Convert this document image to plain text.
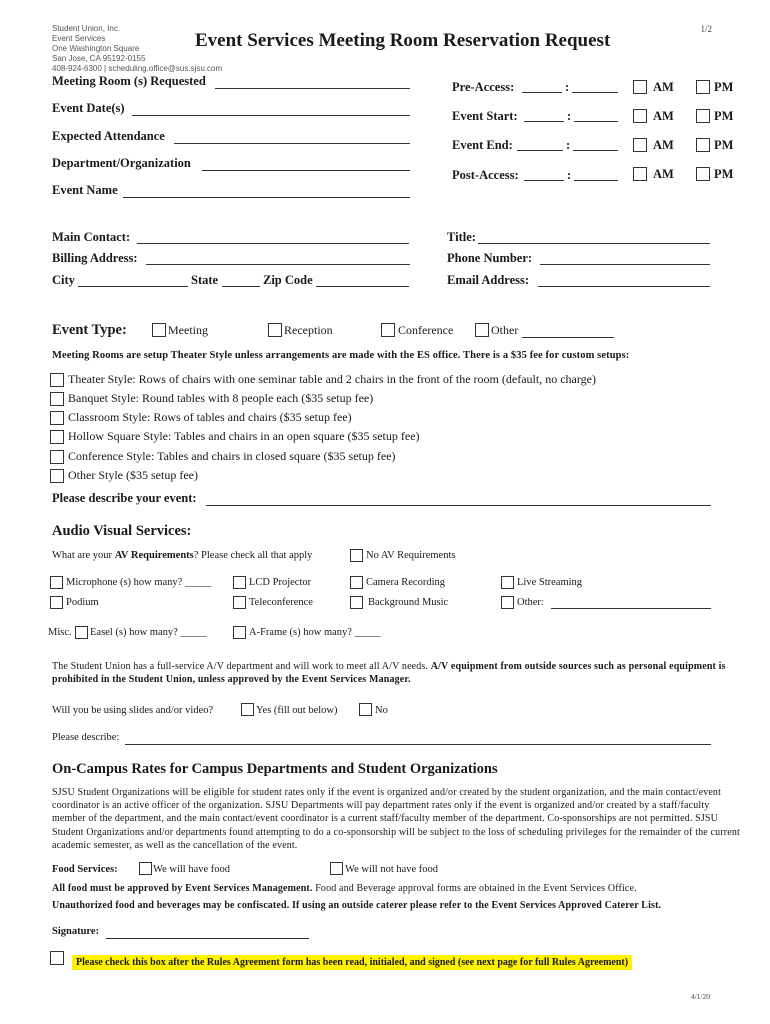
Student Union, Inc.
Event Services
One Washington Square
San Jose, CA 95192-0155
408-924-6300 | scheduling.office@sus.sjsu.com
1/2
Event Services Meeting Room Reservation Request
Meeting Room (s) Requested
Event Date(s)
Expected Attendance
Department/Organization
Event Name
Pre-Access:	:	AM	PM
Event Start:	:	AM	PM
Event End:	:	AM	PM
Post-Access:	:	AM	PM
Main Contact:
Billing Address:
City	State	Zip Code
Title:
Phone Number:
Email Address:
Event Type:	Meeting	Reception	Conference	Other
Meeting Rooms are setup Theater Style unless arrangements are made with the ES office. There is a $35 fee for custom setups:
Theater Style: Rows of chairs with one seminar table and 2 chairs in the front of the room (default, no charge)
Banquet Style: Round tables with 8 people each ($35 setup fee)
Classroom Style: Rows of tables and chairs ($35 setup fee)
Hollow Square Style: Tables and chairs in an open square ($35 setup fee)
Conference Style: Tables and chairs in closed square ($35 setup fee)
Other Style ($35 setup fee)
Please describe your event:
Audio Visual Services:
What are your AV Requirements? Please check all that apply	No AV Requirements
Microphone (s) how many? _____	LCD Projector	Camera Recording	Live Streaming
Podium	Teleconference	Background Music	Other:
Misc. Easel (s) how many? _____	A-Frame (s) how many? _____
The Student Union has a full-service A/V department and will work to meet all A/V needs. A/V equipment from outside sources such as personal equipment is prohibited in the Student Union, unless approved by the Event Services Manager.
Will you be using slides and/or video?	Yes (fill out below)	No
Please describe:
On-Campus Rates for Campus Departments and Student Organizations
SJSU Student Organizations will be eligible for student rates only if the event is organized and/or created by the student organization, and the main contact/event coordinator is an active officer of the organization. SJSU Departments will pay department rates only if the event is organized and/or created by a staff/faculty member of the department, and the main contact/event coordinator is a current staff/faculty member of the department. Co-sponsorships are not permitted. SJSU Student Organizations and/or departments found attempting to do a co-sponsorship will be subject to the loss of scheduling privileges for the remainder of the current academic semester, as well as the cancellation of the event.
Food Services:	We will have food	We will not have food
All food must be approved by Event Services Management. Food and Beverage approval forms are obtained in the Event Services Office.
Unauthorized food and beverages may be confiscated. If using an outside caterer please refer to the Event Services Approved Caterer List.
Signature:
Please check this box after the Rules Agreement form has been read, initialed, and signed (see next page for full Rules Agreement)
4/1/20
